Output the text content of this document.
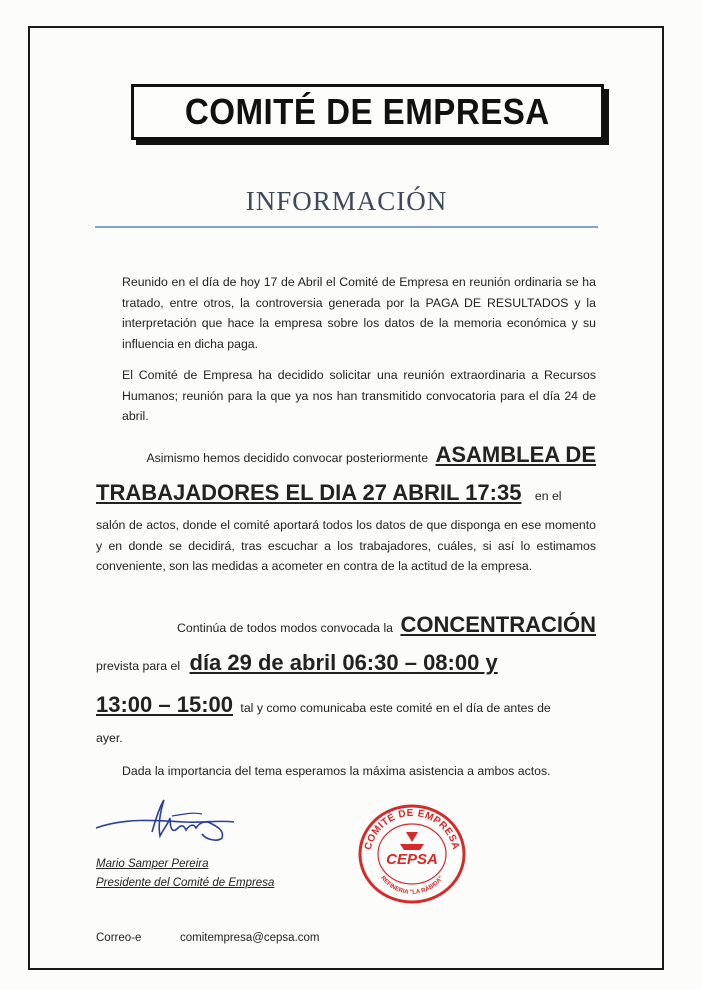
COMITÉ DE EMPRESA
INFORMACIÓN
Reunido en el día de hoy 17 de Abril el Comité de Empresa en reunión ordinaria se ha tratado, entre otros, la controversia generada por la PAGA DE RESULTADOS y la interpretación que hace la empresa sobre los datos de la memoria económica y su influencia en dicha paga.
El Comité de Empresa ha decidido solicitar una reunión extraordinaria a Recursos Humanos; reunión para la que ya nos han transmitido convocatoria para el día 24 de abril.
Asimismo hemos decidido convocar posteriormente ASAMBLEA DE
TRABAJADORES EL DIA 27 ABRIL 17:35 en el
salón de actos, donde el comité aportará todos los datos de que disponga en ese momento y en donde se decidirá, tras escuchar a los trabajadores, cuáles, si así lo estimamos conveniente, son las medidas a acometer en contra de la actitud de la empresa.
Continúa de todos modos convocada la CONCENTRACIÓN
prevista para el día 29 de abril 06:30 – 08:00 y
13:00 – 15:00 tal y como comunicaba este comité en el día de antes de
ayer.
Dada la importancia del tema esperamos la máxima asistencia a ambos actos.
Mario Samper Pereira
Presidente del Comité de Empresa
COMITÉ DE EMPRESA
REFINERIA "LA RÁBIDA"
CEPSA
Correo-e	comitempresa@cepsa.com
